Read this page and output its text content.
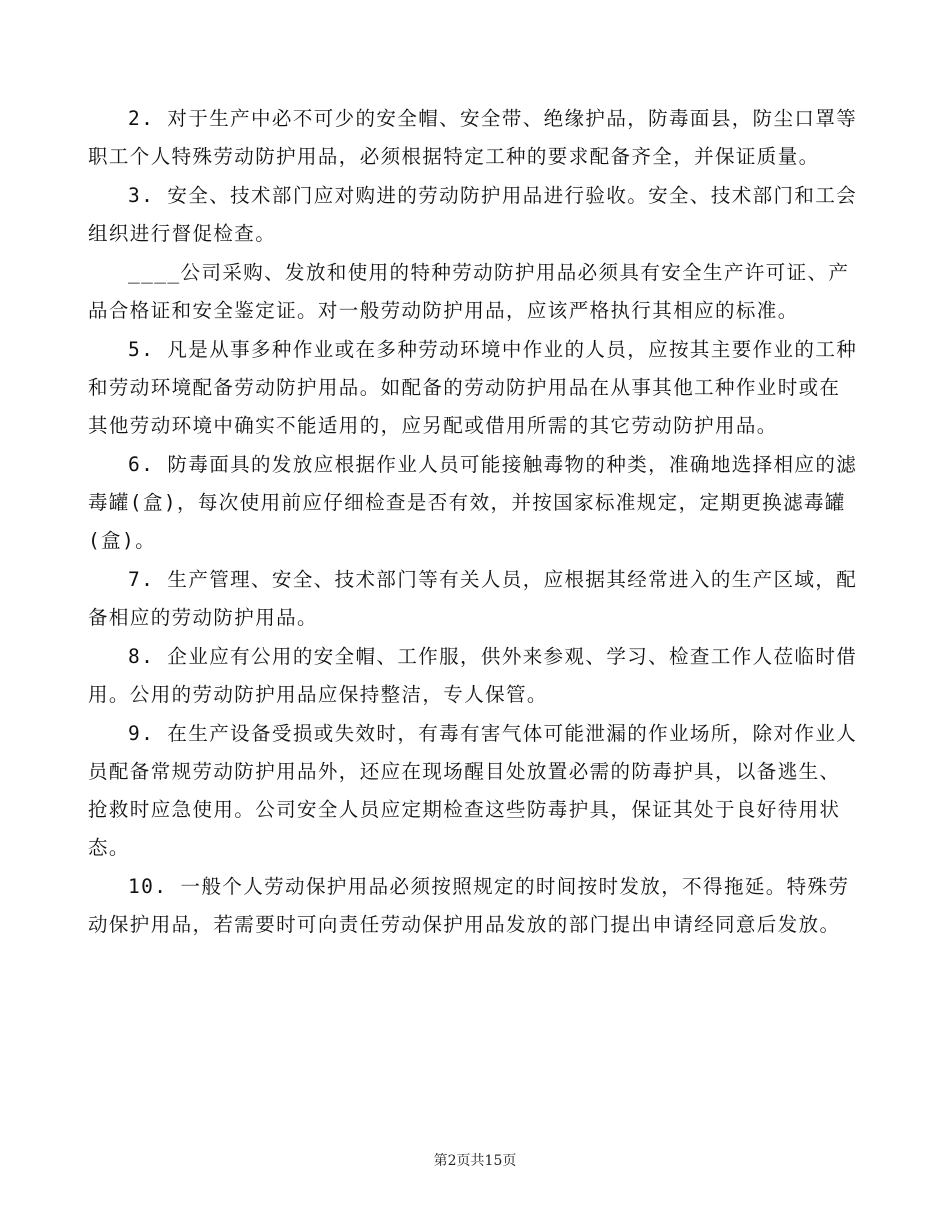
2. 对于生产中必不可少的安全帽、安全带、绝缘护品，防毒面县，防尘口罩等职工个人特殊劳动防护用品，必须根据特定工种的要求配备齐全，并保证质量。

3. 安全、技术部门应对购进的劳动防护用品进行验收。安全、技术部门和工会组织进行督促检查。

____公司采购、发放和使用的特种劳动防护用品必须具有安全生产许可证、产品合格证和安全鉴定证。对一般劳动防护用品，应该严格执行其相应的标准。

5. 凡是从事多种作业或在多种劳动环境中作业的人员，应按其主要作业的工种和劳动环境配备劳动防护用品。如配备的劳动防护用品在从事其他工种作业时或在其他劳动环境中确实不能适用的，应另配或借用所需的其它劳动防护用品。

6. 防毒面具的发放应根据作业人员可能接触毒物的种类，准确地选择相应的滤毒罐(盒)，每次使用前应仔细检查是否有效，并按国家标准规定，定期更换滤毒罐(盒)。

7. 生产管理、安全、技术部门等有关人员，应根据其经常进入的生产区域，配备相应的劳动防护用品。

8. 企业应有公用的安全帽、工作服，供外来参观、学习、检查工作人莅临时借用。公用的劳动防护用品应保持整洁，专人保管。

9. 在生产设备受损或失效时，有毒有害气体可能泄漏的作业场所，除对作业人员配备常规劳动防护用品外，还应在现场醒目处放置必需的防毒护具，以备逃生、抢救时应急使用。公司安全人员应定期检查这些防毒护具，保证其处于良好待用状态。

10. 一般个人劳动保护用品必须按照规定的时间按时发放，不得拖延。特殊劳动保护用品，若需要时可向责任劳动保护用品发放的部门提出申请经同意后发放。

第2页共15页
